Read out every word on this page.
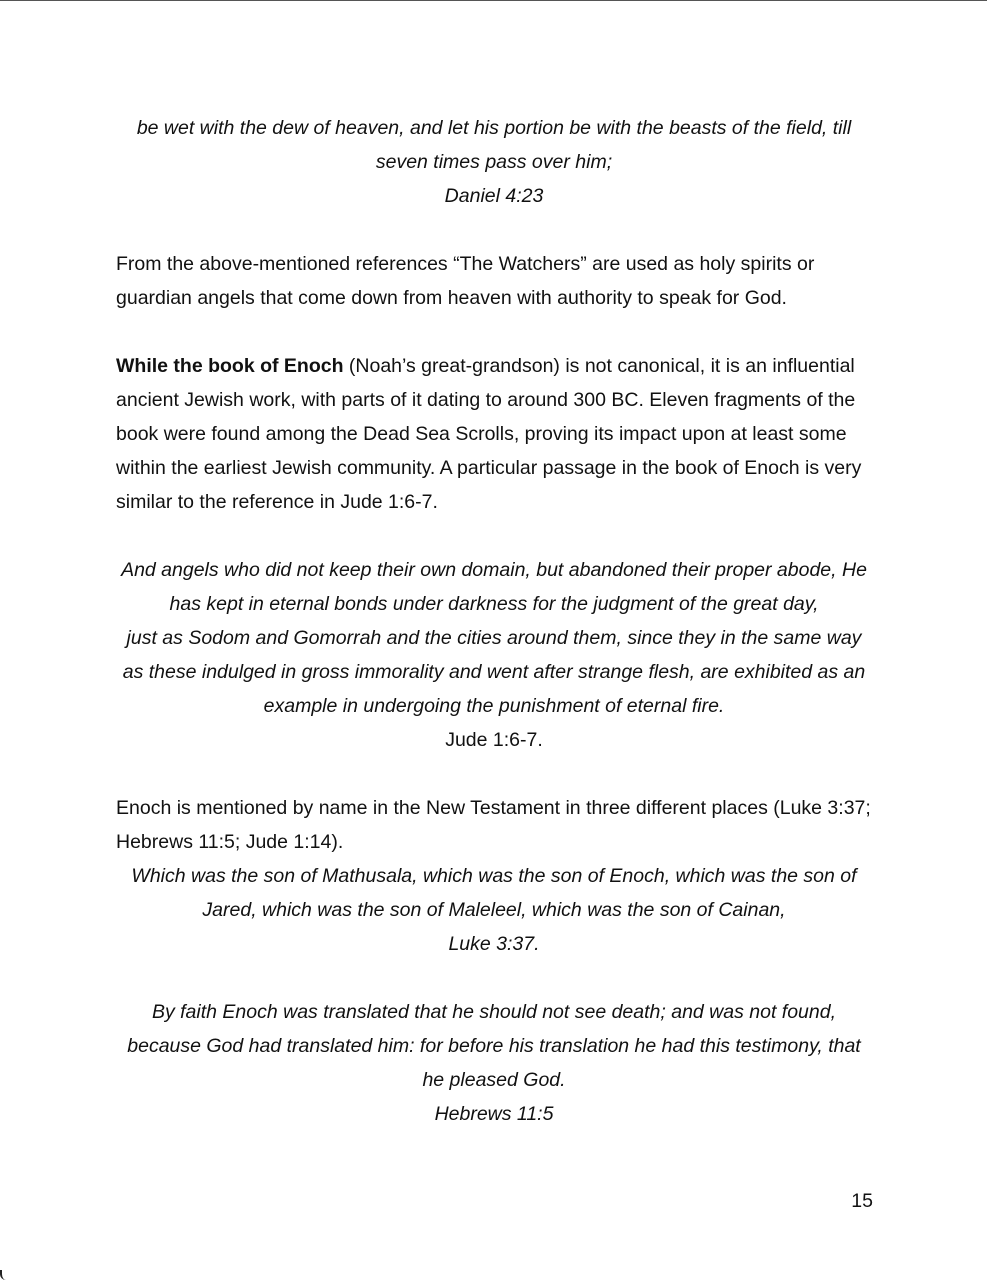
be wet with the dew of heaven, and let his portion be with the beasts of the field, till
seven times pass over him;
Daniel 4:23
From the above-mentioned references “The Watchers” are used as holy spirits or
guardian angels that come down from heaven with authority to speak for God.
While the book of Enoch (Noah’s great-grandson) is not canonical, it is an influential
ancient Jewish work, with parts of it dating to around 300 BC. Eleven fragments of the
book were found among the Dead Sea Scrolls, proving its impact upon at least some
within the earliest Jewish community. A particular passage in the book of Enoch is very
similar to the reference in Jude 1:6-7.
And angels who did not keep their own domain, but abandoned their proper abode, He
has kept in eternal bonds under darkness for the judgment of the great day,
just as Sodom and Gomorrah and the cities around them, since they in the same way
as these indulged in gross immorality and went after strange flesh, are exhibited as an
example in undergoing the punishment of eternal fire.
Jude 1:6-7.
Enoch is mentioned by name in the New Testament in three different places (Luke 3:37;
Hebrews 11:5; Jude 1:14).
Which was the son of Mathusala, which was the son of Enoch, which was the son of
Jared, which was the son of Maleleel, which was the son of Cainan,
Luke 3:37.
By faith Enoch was translated that he should not see death; and was not found,
because God had translated him: for before his translation he had this testimony, that
he pleased God.
Hebrews 11:5
15
